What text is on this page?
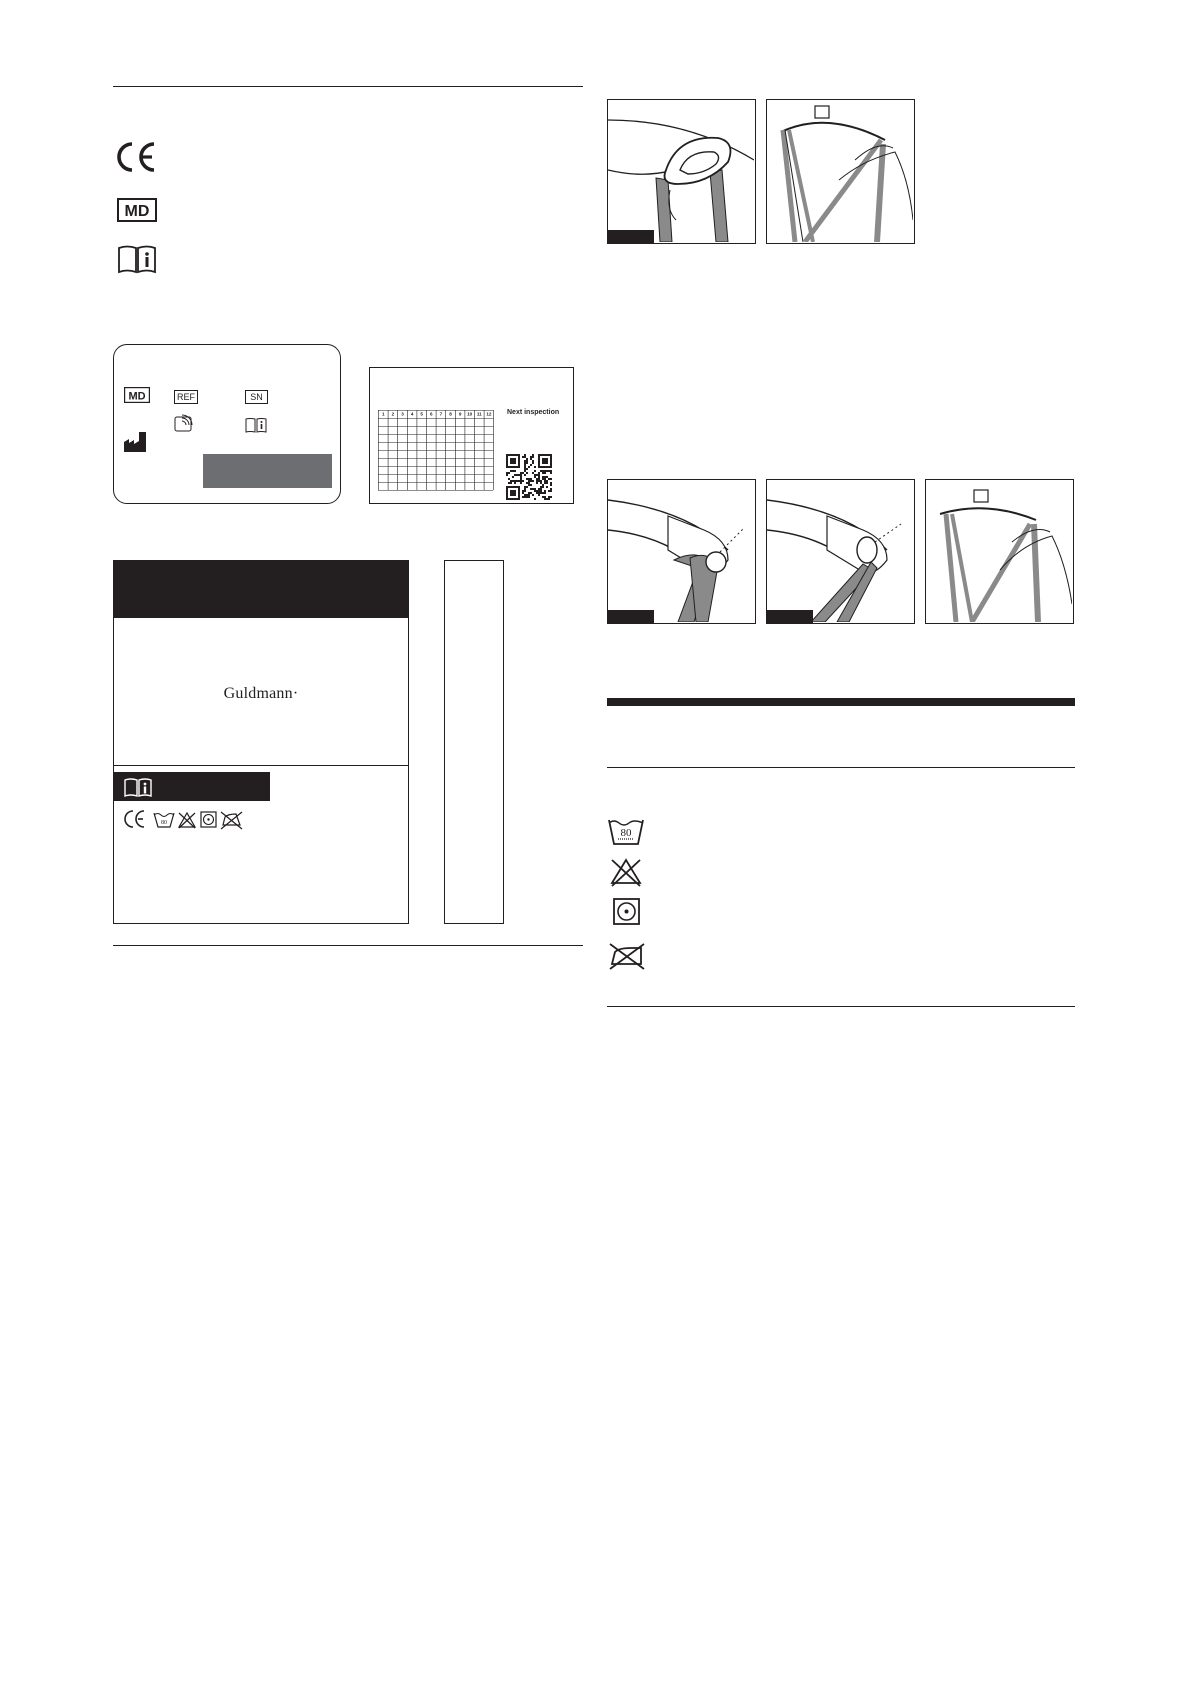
MD
MD	REF	SN
1 2 3 4 5 6 7 8 9 10 11 12 Next inspection
Guldmann·
80
80
